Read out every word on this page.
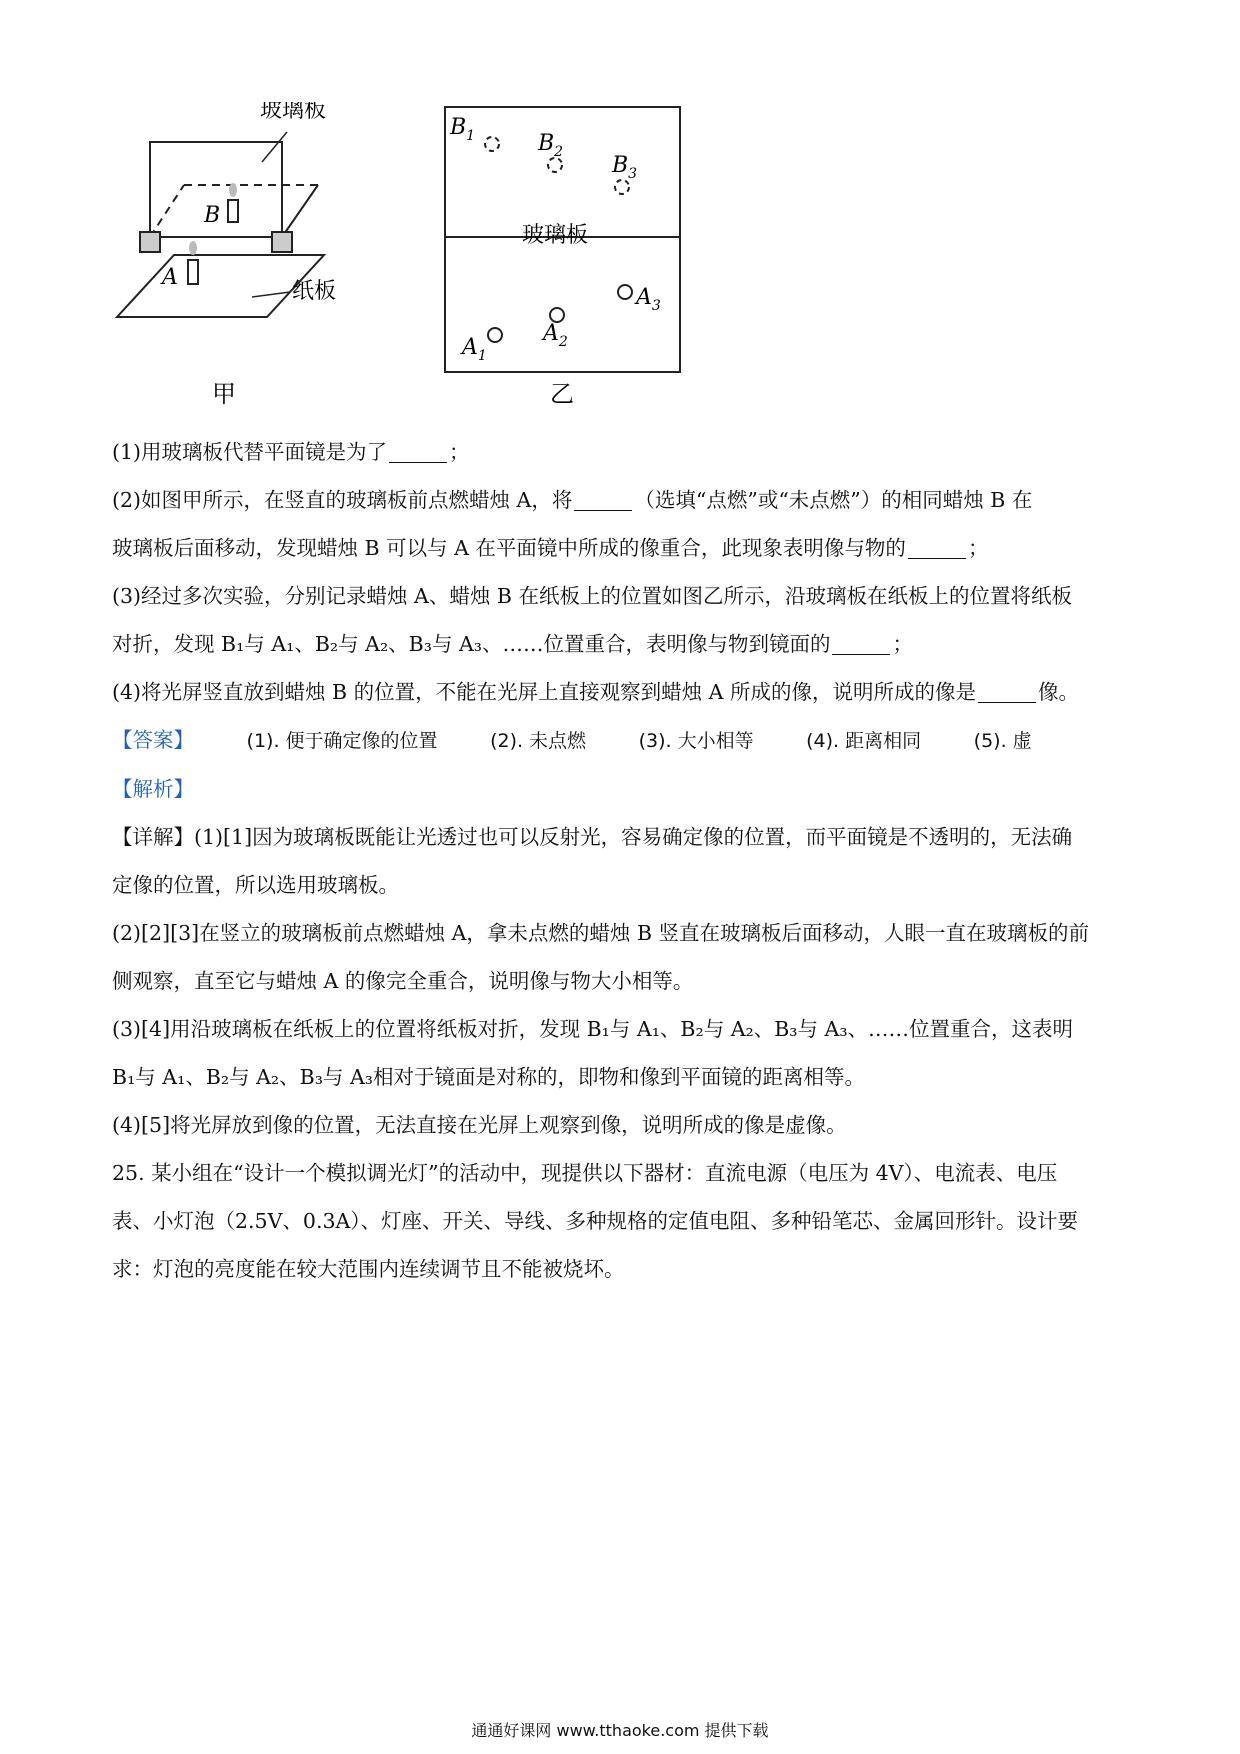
玻璃板
纸板
B
A
甲
$B_1$	$B_2$
$B_3$
玻璃板
$A_1$
$A_2$
$A_3$
乙

(1)用玻璃板代替平面镜是为了	；

(2)如图甲所示，在竖直的玻璃板前点燃蜡烛 A，将	（选填“点燃”或“未点燃”）的相同蜡烛 B 在

玻璃板后面移动，发现蜡烛 B 可以与 A 在平面镜中所成的像重合，此现象表明像与物的	；

(3)经过多次实验，分别记录蜡烛 A、蜡烛 B 在纸板上的位置如图乙所示，沿玻璃板在纸板上的位置将纸板

对折，发现 B₁与 A₁、B₂与 A₂、B₃与 A₃、……位置重合，表明像与物到镜面的	；

(4)将光屏竖直放到蜡烛 B 的位置，不能在光屏上直接观察到蜡烛 A 所成的像，说明所成的像是	像。

【答案】	(1). 便于确定像的位置	(2). 未点燃	(3). 大小相等	(4). 距离相同	(5). 虚

【解析】

【详解】(1)[1]因为玻璃板既能让光透过也可以反射光，容易确定像的位置，而平面镜是不透明的，无法确

定像的位置，所以选用玻璃板。

(2)[2][3]在竖立的玻璃板前点燃蜡烛 A，拿未点燃的蜡烛 B 竖直在玻璃板后面移动，人眼一直在玻璃板的前

侧观察，直至它与蜡烛 A 的像完全重合，说明像与物大小相等。

(3)[4]用沿玻璃板在纸板上的位置将纸板对折，发现 B₁与 A₁、B₂与 A₂、B₃与 A₃、……位置重合，这表明

B₁与 A₁、B₂与 A₂、B₃与 A₃相对于镜面是对称的，即物和像到平面镜的距离相等。

(4)[5]将光屏放到像的位置，无法直接在光屏上观察到像，说明所成的像是虚像。

25. 某小组在“设计一个模拟调光灯”的活动中，现提供以下器材：直流电源（电压为 4V）、电流表、电压

表、小灯泡（2.5V、0.3A）、灯座、开关、导线、多种规格的定值电阻、多种铅笔芯、金属回形针。设计要

求：灯泡的亮度能在较大范围内连续调节且不能被烧坏。

通通好课网 www.tthaoke.com 提供下载
